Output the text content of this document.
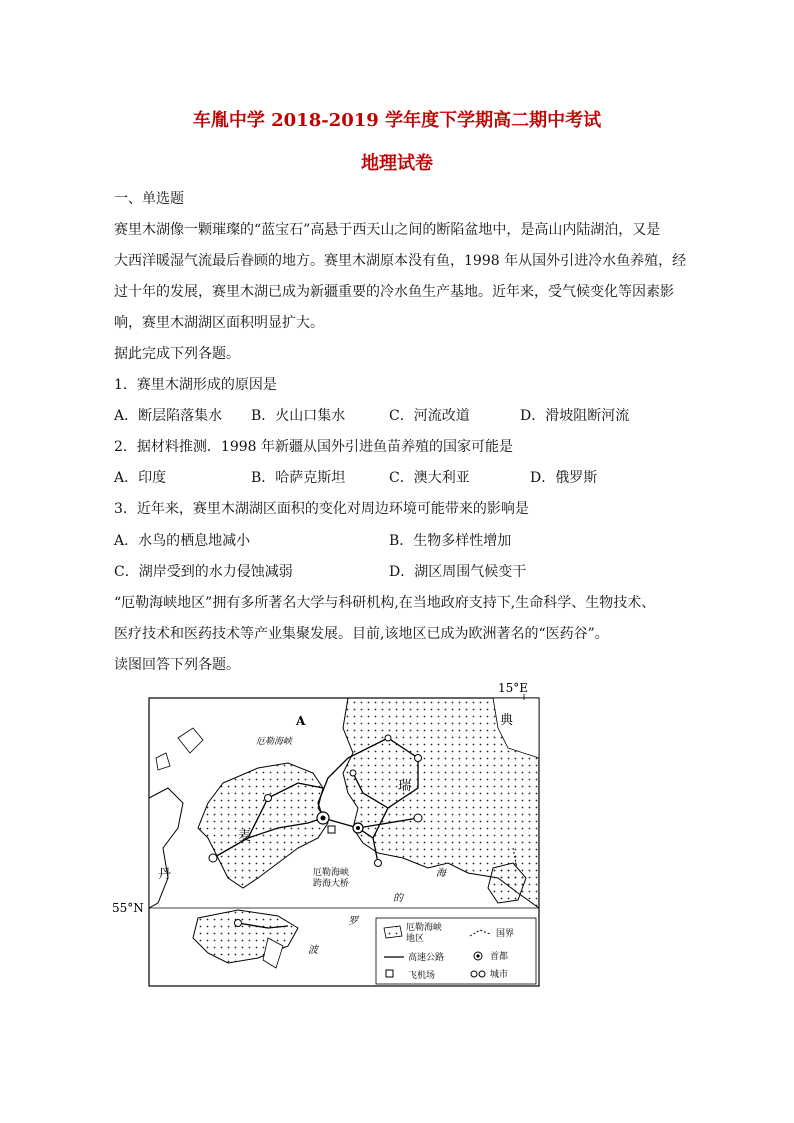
车胤中学 2018-2019 学年度下学期高二期中考试
地理试卷
一、单选题
赛里木湖像一颗璀璨的“蓝宝石”高悬于西天山之间的断陷盆地中，是高山内陆湖泊，又是
大西洋暖湿气流最后眷顾的地方。赛里木湖原本没有鱼，1998 年从国外引进冷水鱼养殖，经
过十年的发展，赛里木湖已成为新疆重要的冷水鱼生产基地。近年来，受气候变化等因素影
响，赛里木湖湖区面积明显扩大。
据此完成下列各题。
1．赛里木湖形成的原因是
A．断层陷落集水 B．火山口集水	C．河流改道	D．滑坡阻断河流
2．据材料推测．1998 年新疆从国外引进鱼苗养殖的国家可能是
A．印度	B．哈萨克斯坦	C．澳大利亚	D．俄罗斯
3．近年来，赛里木湖湖区面积的变化对周边环境可能带来的影响是
A．水鸟的栖息地减小	B．生物多样性增加
C．湖岸受到的水力侵蚀减弱	D．湖区周围气候变干
“厄勒海峡地区”拥有多所著名大学与科研机构,在当地政府支持下,生命科学、生物技术、
医疗技术和医药技术等产业集聚发展。目前,该地区已成为欧洲著名的“医药谷”。
读图回答下列各题。
15°E
55°N
A
厄勒海峡
厄勒海峡
跨海大桥
典
瑞
麦
丹	海
的
罗
波
厄勒海峡
地区	国界
高速公路	首都
飞机场	城市
